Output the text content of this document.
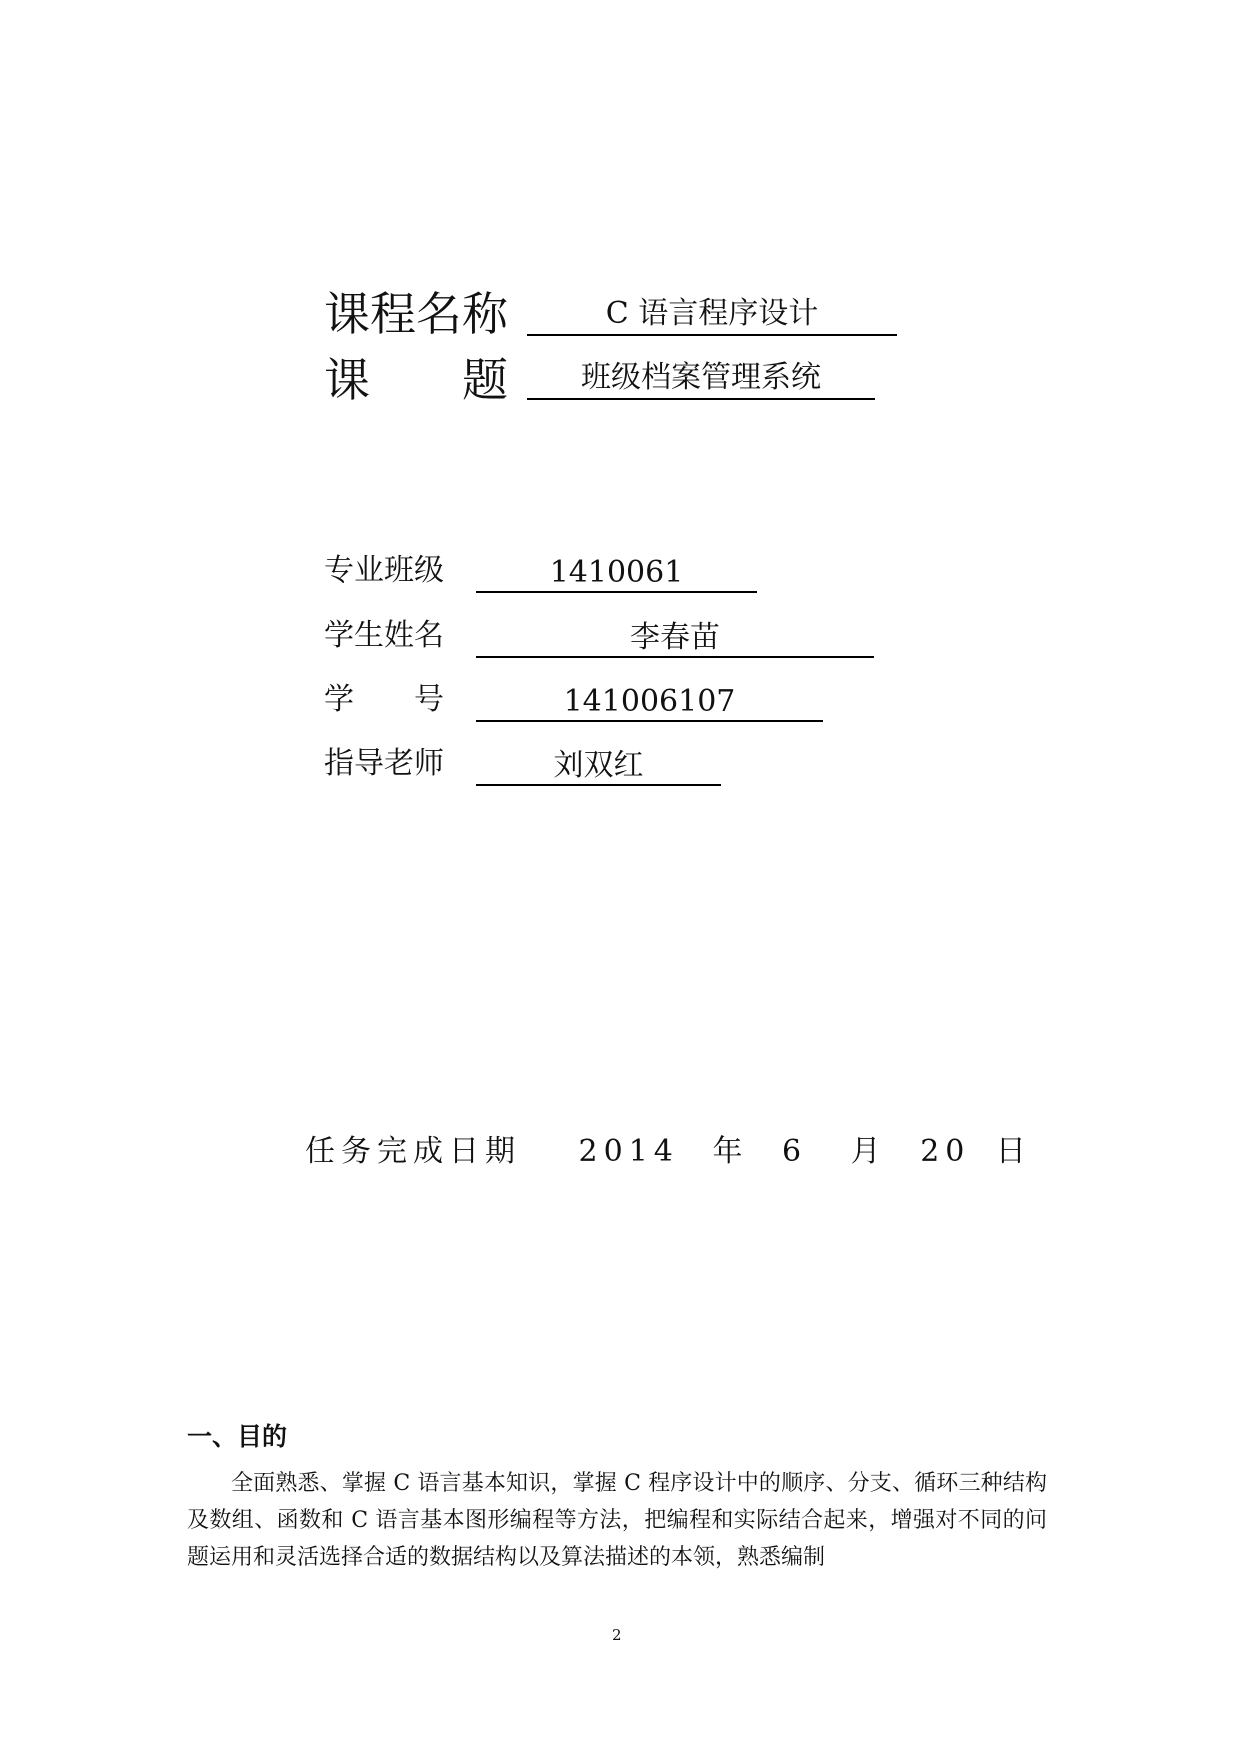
课程名称	C 语言程序设计
课　　题	班级档案管理系统
专业班级	1410061
学生姓名	李春苗
学　　号	141006107
指导老师	刘双红
任务完成日期 2014 年 6 月 20 日
一、目的
全面熟悉、掌握 C 语言基本知识，掌握 C 程序设计中的顺序、分支、循环三种结构及数组、函数和 C 语言基本图形编程等方法，把编程和实际结合起来，增强对不同的问题运用和灵活选择合适的数据结构以及算法描述的本领，熟悉编制
2
